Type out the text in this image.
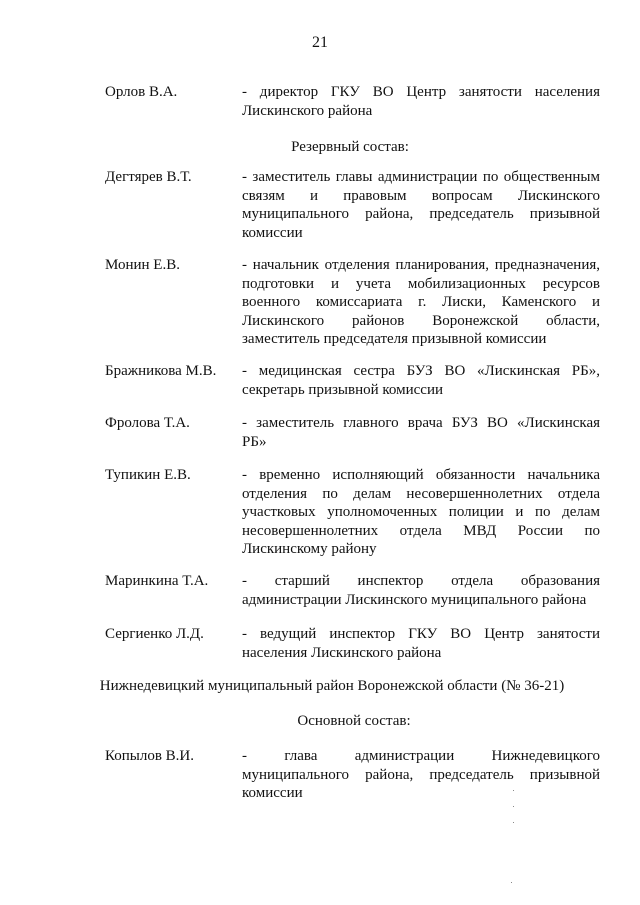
21
Орлов В.А.	- директор ГКУ ВО Центр занятости населения
Лискинского района
Резервный состав:
Дегтярев В.Т.	- заместитель главы администрации по общественным
связям и правовым вопросам Лискинского
муниципального района, председатель призывной
комиссии
Монин Е.В.	- начальник отделения планирования, предназначения,
подготовки и учета мобилизационных ресурсов
военного комиссариата г. Лиски, Каменского и
Лискинского районов Воронежской области,
заместитель председателя призывной комиссии
Бражникова М.В. - медицинская сестра БУЗ ВО «Лискинская РБ»,
секретарь призывной комиссии
Фролова Т.А.	- заместитель главного врача БУЗ ВО «Лискинская
РБ»
Тупикин Е.В.	- временно исполняющий обязанности начальника
отделения по делам несовершеннолетних отдела
участковых уполномоченных полиции и по делам
несовершеннолетних отдела МВД России по
Лискинскому району
Маринкина Т.А. - старший инспектор отдела образования
администрации Лискинского муниципального района
Сергиенко Л.Д.	- ведущий инспектор ГКУ ВО Центр занятости
населения Лискинского района
Нижнедевицкий муниципальный район Воронежской области (№ 36-21)
Основной состав:
Копылов В.И.	- глава администрации Нижнедевицкого
муниципального района, председатель призывной
комиссии
